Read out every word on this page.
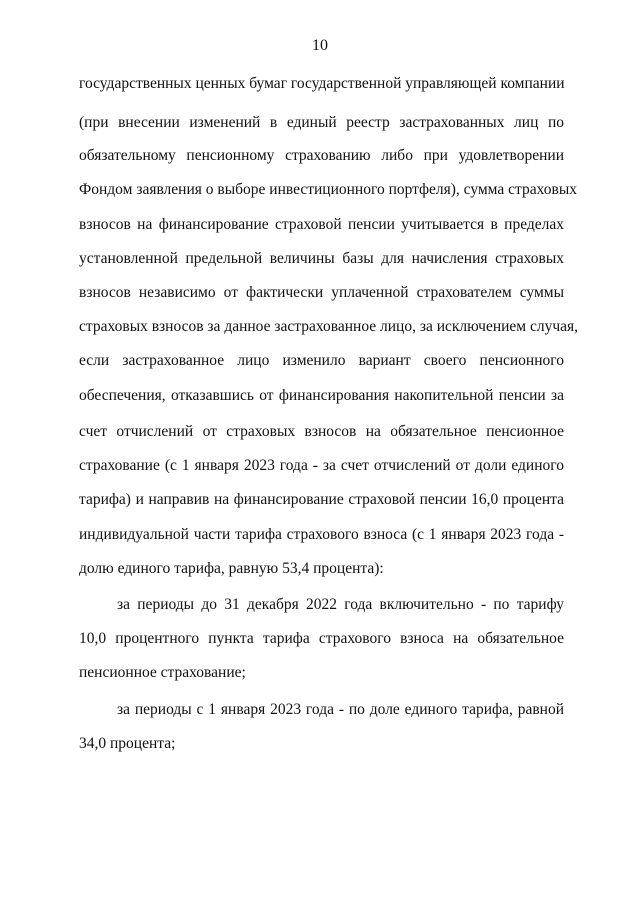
10
государственных ценных бумаг государственной управляющей компании
(при внесении изменений в единый реестр застрахованных лиц по
обязательному пенсионному страхованию либо при удовлетворении
Фондом заявления о выборе инвестиционного портфеля), сумма страховых
взносов на финансирование страховой пенсии учитывается в пределах
установленной предельной величины базы для начисления страховых
взносов независимо от фактически уплаченной страхователем суммы
страховых взносов за данное застрахованное лицо, за исключением случая,
если застрахованное лицо изменило вариант своего пенсионного
обеспечения, отказавшись от финансирования накопительной пенсии за
счет отчислений от страховых взносов на обязательное пенсионное
страхование (с 1 января 2023 года - за счет отчислений от доли единого
тарифа) и направив на финансирование страховой пенсии 16,0 процента
индивидуальной части тарифа страхового взноса (с 1 января 2023 года -
долю единого тарифа, равную 53,4 процента):
за периоды до 31 декабря 2022 года включительно - по тарифу
10,0 процентного пункта тарифа страхового взноса на обязательное
пенсионное страхование;
за периоды с 1 января 2023 года - по доле единого тарифа, равной
34,0 процента;
